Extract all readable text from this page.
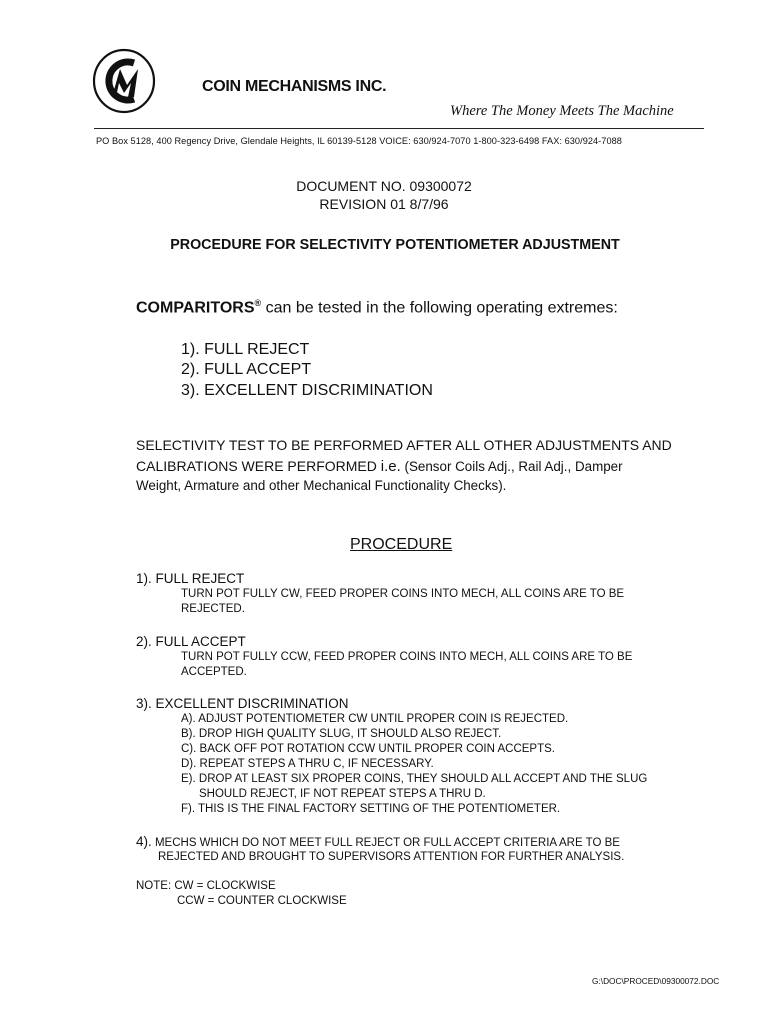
COIN MECHANISMS INC.
Where The Money Meets The Machine
PO Box 5128, 400 Regency Drive, Glendale Heights, IL 60139-5128 VOICE: 630/924-7070 1-800-323-6498 FAX: 630/924-7088
DOCUMENT NO. 09300072
REVISION 01 8/7/96
PROCEDURE FOR SELECTIVITY POTENTIOMETER ADJUSTMENT
COMPARITORS® can be tested in the following operating extremes:
1). FULL REJECT
2). FULL ACCEPT
3). EXCELLENT DISCRIMINATION
SELECTIVITY TEST TO BE PERFORMED AFTER ALL OTHER ADJUSTMENTS AND
CALIBRATIONS WERE PERFORMED i.e. (Sensor Coils Adj., Rail Adj., Damper
Weight, Armature and other Mechanical Functionality Checks).
PROCEDURE
1). FULL REJECT
TURN POT FULLY CW, FEED PROPER COINS INTO MECH, ALL COINS ARE TO BE
REJECTED.
2). FULL ACCEPT
TURN POT FULLY CCW, FEED PROPER COINS INTO MECH, ALL COINS ARE TO BE
ACCEPTED.
3). EXCELLENT DISCRIMINATION
A). ADJUST POTENTIOMETER CW UNTIL PROPER COIN IS REJECTED.
B). DROP HIGH QUALITY SLUG, IT SHOULD ALSO REJECT.
C). BACK OFF POT ROTATION CCW UNTIL PROPER COIN ACCEPTS.
D). REPEAT STEPS A THRU C, IF NECESSARY.
E). DROP AT LEAST SIX PROPER COINS, THEY SHOULD ALL ACCEPT AND THE SLUG
SHOULD REJECT, IF NOT REPEAT STEPS A THRU D.
F). THIS IS THE FINAL FACTORY SETTING OF THE POTENTIOMETER.
4). MECHS WHICH DO NOT MEET FULL REJECT OR FULL ACCEPT CRITERIA ARE TO BE
REJECTED AND BROUGHT TO SUPERVISORS ATTENTION FOR FURTHER ANALYSIS.
NOTE: CW = CLOCKWISE
CCW = COUNTER CLOCKWISE
G:\DOC\PROCED\09300072.DOC
